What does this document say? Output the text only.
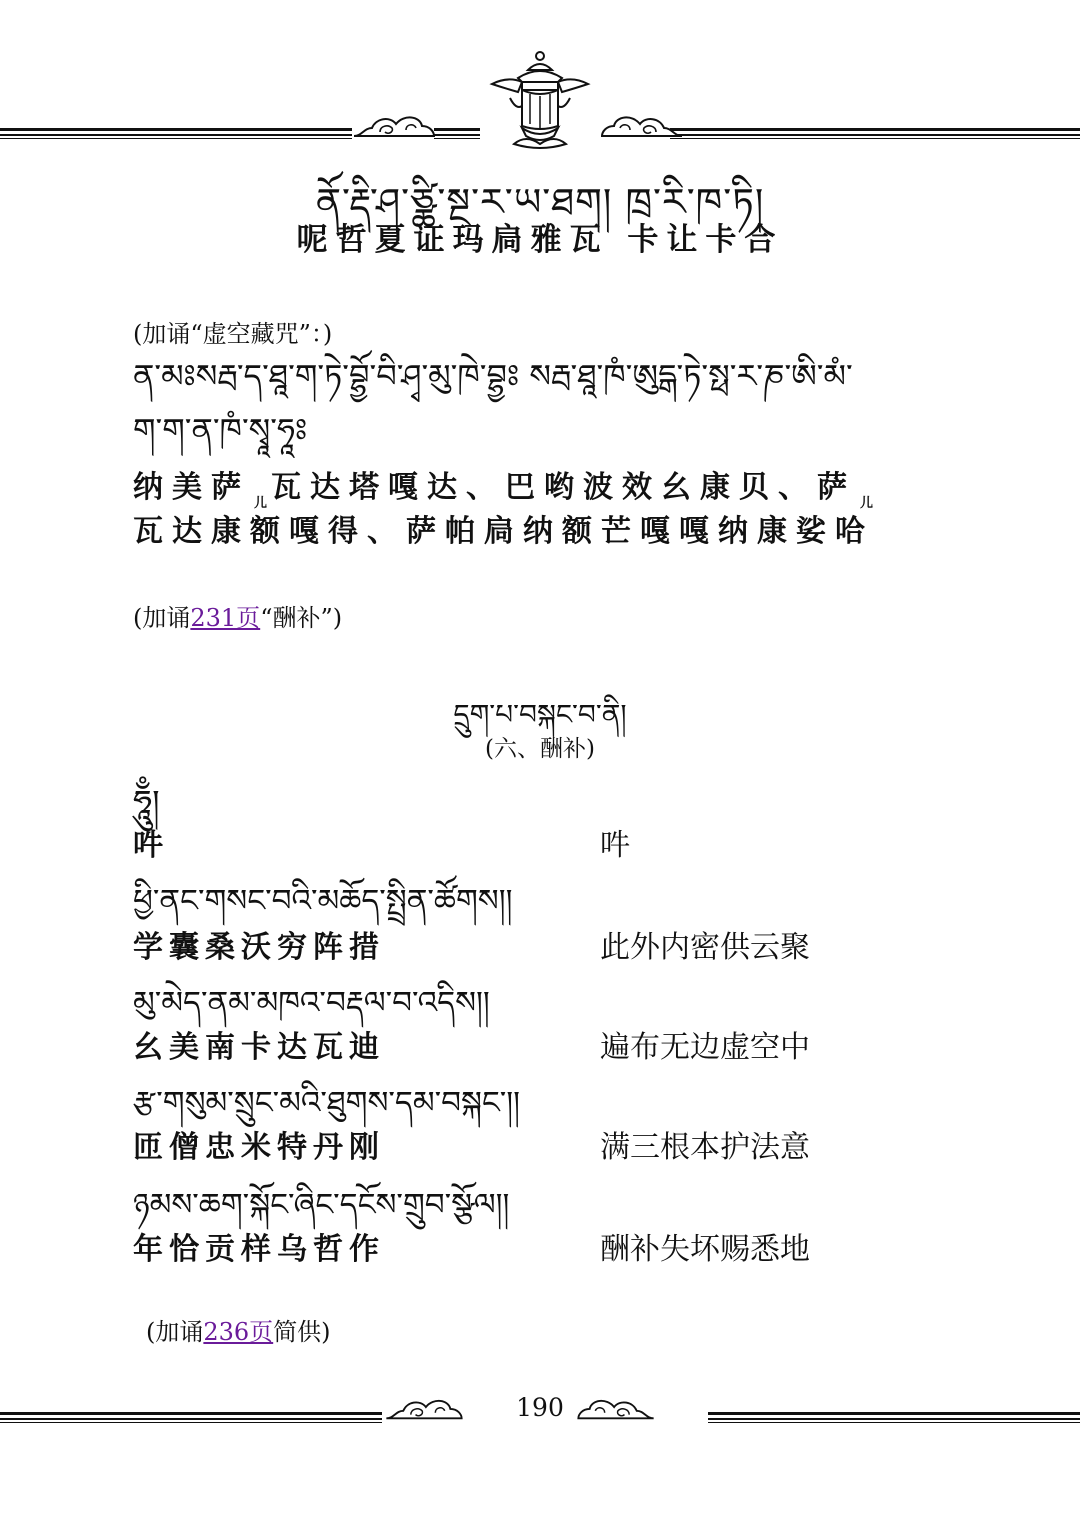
ནོ་རྡི་ཤ་ཙྪི་སྔ་ར་ཡ་ཐག། ཁྲ་རི་ཁ་ཏི།
呢哲夏证玛扃雅瓦 卡让卡合
(加诵“虚空藏咒”：)
ན་མཿསརྦ་ད་ཐཱ་ག་ཏེ་བྷྱོ་བི་ཤྭ་མུ་ཁེ་བྷྱཿ སརྦ་ཐཱ་ཁཾ་ཨུདྒ་ཏེ་སྥ་ར་ཎ་ཨི་མཾ་
ག་ག་ན་ཁཾ་སྭཱ་ཧཱཿ
纳美萨 $_儿$ 瓦达塔嘎达、巴哟波效幺康贝、萨 $_儿$
瓦达康额嘎得、萨帕扃纳额芒嘎嘎纳康娑哈
(加诵231页“酬补”)
དྲུག་པ་བསྐང་བ་ནི།
(六、酬补)
ཧཱུྃ།
吽	吽
ཕྱི་ནང་གསང་བའི་མཆོད་སྤྲིན་ཚོགས།།
学囊桑沃穷阵措	此外内密供云聚
མུ་མེད་ནམ་མཁའ་བརྡལ་བ་འདིས།།
幺美南卡达瓦迪	遍布无边虚空中
རྩ་གསུམ་སྲུང་མའི་ཐུགས་དམ་བསྐང་།།
匝僧忠米特丹刚	满三根本护法意
ཉམས་ཆག་སྐོང་ཞིང་དངོས་གྲུབ་སྩོལ།།
年恰贡样乌哲作	酬补失坏赐悉地
(加诵236页简供)
190
